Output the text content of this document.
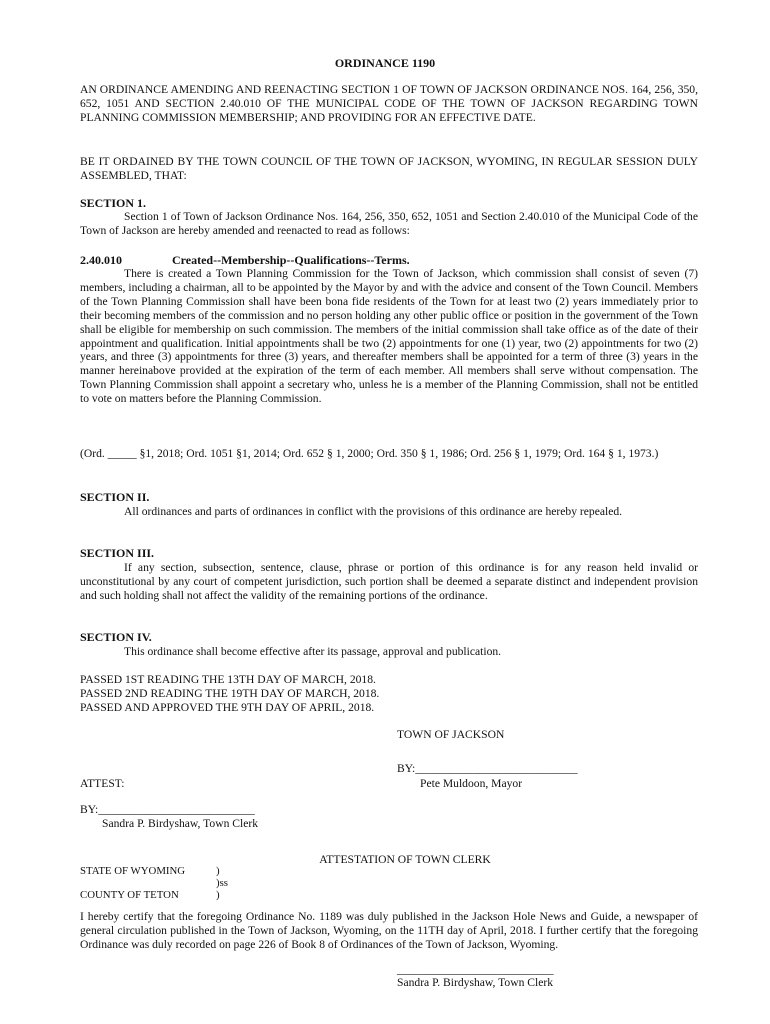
ORDINANCE 1190

AN ORDINANCE AMENDING AND REENACTING SECTION 1 OF TOWN OF JACKSON ORDINANCE NOS. 164, 256, 350, 652, 1051 AND SECTION 2.40.010 OF THE MUNICIPAL CODE OF THE TOWN OF JACKSON REGARDING TOWN PLANNING COMMISSION MEMBERSHIP; AND PROVIDING FOR AN EFFECTIVE DATE.

BE IT ORDAINED BY THE TOWN COUNCIL OF THE TOWN OF JACKSON, WYOMING, IN REGULAR SESSION DULY ASSEMBLED, THAT:

SECTION 1.

Section 1 of Town of Jackson Ordinance Nos. 164, 256, 350, 652, 1051 and Section 2.40.010 of the Municipal Code of the Town of Jackson are hereby amended and reenacted to read as follows:

2.40.010	Created--Membership--Qualifications--Terms.

There is created a Town Planning Commission for the Town of Jackson, which commission shall consist of seven (7) members, including a chairman, all to be appointed by the Mayor by and with the advice and consent of the Town Council. Members of the Town Planning Commission shall have been bona fide residents of the Town for at least two (2) years immediately prior to their becoming members of the commission and no person holding any other public office or position in the government of the Town shall be eligible for membership on such commission. The members of the initial commission shall take office as of the date of their appointment and qualification. Initial appointments shall be two (2) appointments for one (1) year, two (2) appointments for two (2) years, and three (3) appointments for three (3) years, and thereafter members shall be appointed for a term of three (3) years in the manner hereinabove provided at the expiration of the term of each member. All members shall serve without compensation. The Town Planning Commission shall appoint a secretary who, unless he is a member of the Planning Commission, shall not be entitled to vote on matters before the Planning Commission.

(Ord. _____ §1, 2018; Ord. 1051 §1, 2014; Ord. 652 § 1, 2000; Ord. 350 § 1, 1986; Ord. 256 § 1, 1979; Ord. 164 § 1, 1973.)

SECTION II.

All ordinances and parts of ordinances in conflict with the provisions of this ordinance are hereby repealed.

SECTION III.

If any section, subsection, sentence, clause, phrase or portion of this ordinance is for any reason held invalid or unconstitutional by any court of competent jurisdiction, such portion shall be deemed a separate distinct and independent provision and such holding shall not affect the validity of the remaining portions of the ordinance.

SECTION IV.

This ordinance shall become effective after its passage, approval and publication.

PASSED 1ST READING THE 13TH DAY OF MARCH, 2018.
PASSED 2ND READING THE 19TH DAY OF MARCH, 2018.
PASSED AND APPROVED THE 9TH DAY OF APRIL, 2018.
TOWN OF JACKSON
BY:____________________________
Pete Muldoon, Mayor
ATTEST:
BY:___________________________
Sandra P. Birdyshaw, Town Clerk
ATTESTATION OF TOWN CLERK
STATE OF WYOMING	)
)ss
COUNTY OF TETON	)

I hereby certify that the foregoing Ordinance No. 1189 was duly published in the Jackson Hole News and Guide, a newspaper of general circulation published in the Town of Jackson, Wyoming, on the 11TH day of April, 2018. I further certify that the foregoing Ordinance was duly recorded on page 226 of Book 8 of Ordinances of the Town of Jackson, Wyoming.

___________________________
Sandra P. Birdyshaw, Town Clerk
